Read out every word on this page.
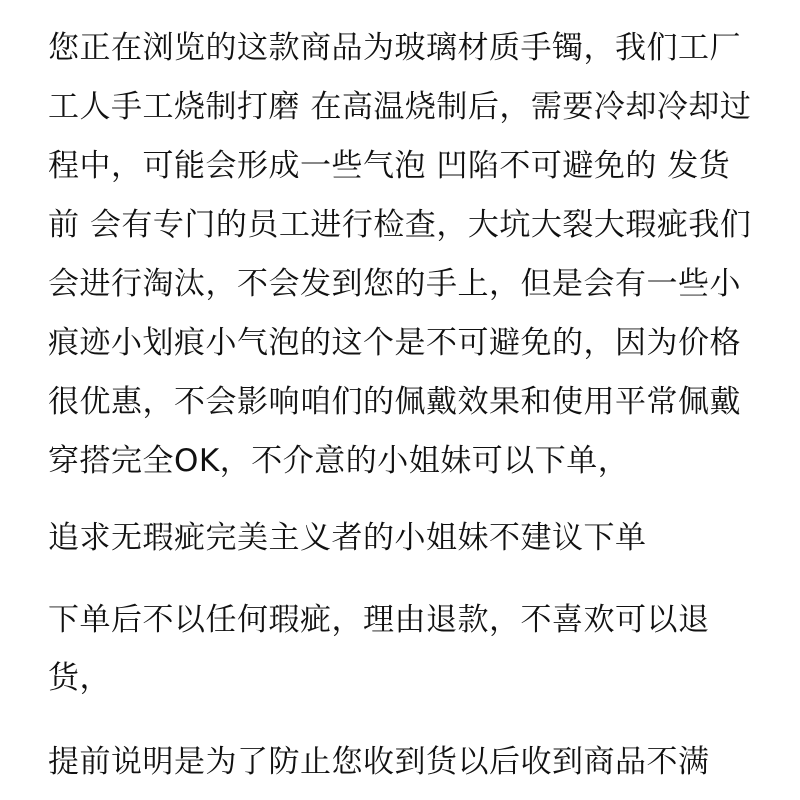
您正在浏览的这款商品为玻璃材质手镯，我们工厂
工人手工烧制打磨 在高温烧制后，需要冷却冷却过
程中，可能会形成一些气泡 凹陷不可避免的 发货
前 会有专门的员工进行检查，大坑大裂大瑕疵我们
会进行淘汰，不会发到您的手上，但是会有一些小
痕迹小划痕小气泡的这个是不可避免的，因为价格
很优惠，不会影响咱们的佩戴效果和使用平常佩戴
穿搭完全OK，不介意的小姐妹可以下单，
追求无瑕疵完美主义者的小姐妹不建议下单
下单后不以任何瑕疵，理由退款，不喜欢可以退
货，
提前说明是为了防止您收到货以后收到商品不满
